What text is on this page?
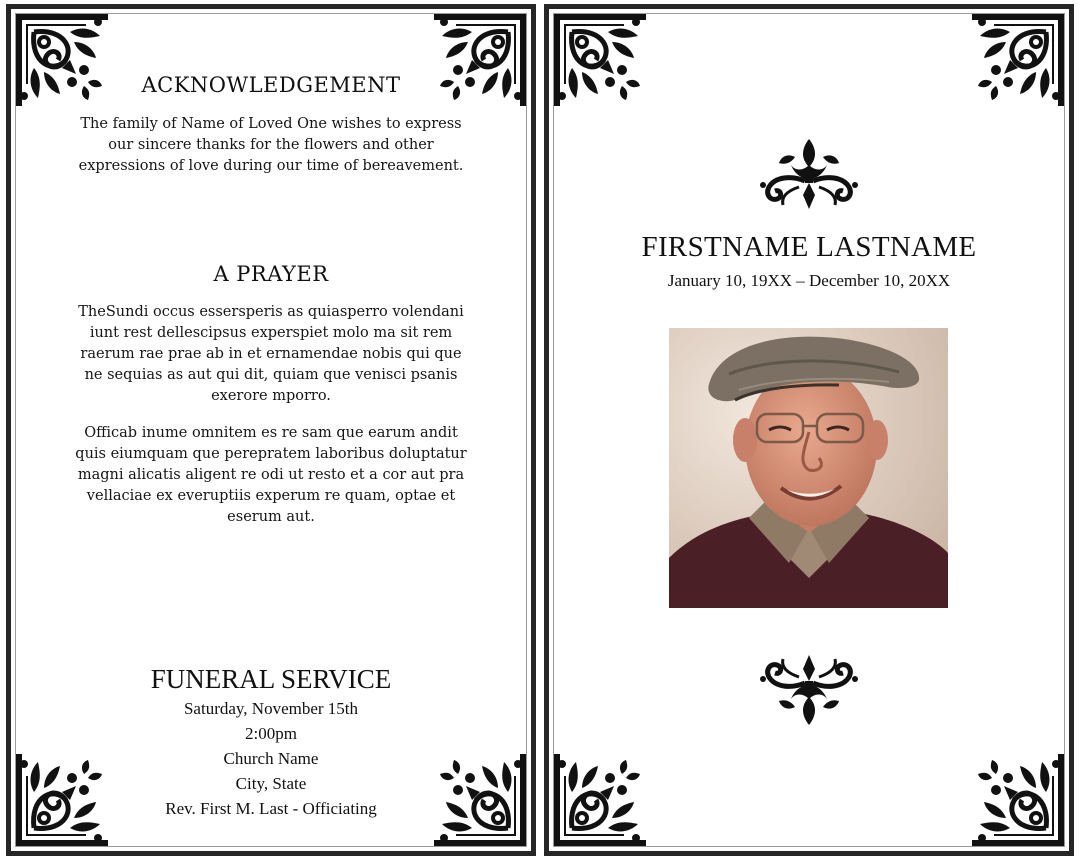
ACKNOWLEDGEMENT
The family of Name of Loved One wishes to express
our sincere thanks for the flowers and other
expressions of love during our time of bereavement.
A PRAYER
TheSundi occus essersperis as quiasperro volendani
iunt rest dellescipsus experspiet molo ma sit rem
raerum rae prae ab in et ernamendae nobis qui que
ne sequias as aut qui dit, quiam que venisci psanis
exerore mporro.
Officab inume omnitem es re sam que earum andit
quis eiumquam que perepratem laboribus doluptatur
magni alicatis aligent re odi ut resto et a cor aut pra
vellaciae ex everuptiis experum re quam, optae et
eserum aut.
FUNERAL SERVICE
Saturday, November 15th
2:00pm
Church Name
City, State
Rev. First M. Last - Officiating
FIRSTNAME LASTNAME
January 10, 19XX – December 10, 20XX
